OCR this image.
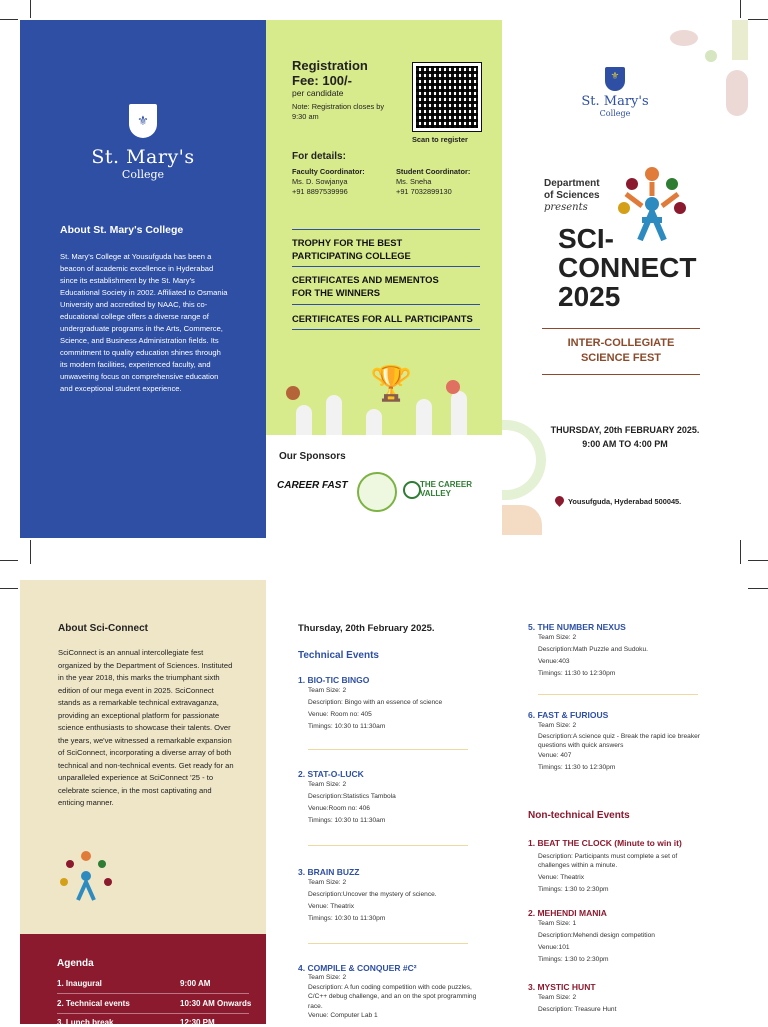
⚜
St. Mary's
College
About St. Mary's College

St. Mary's College at Yousufguda has been a beacon of academic excellence in Hyderabad since its establishment by the St. Mary's Educational Society in 2002. Affiliated to Osmania University and accredited by NAAC, this co-educational college offers a diverse range of undergraduate programs in the Arts, Commerce, Science, and Business Administration fields. Its commitment to quality education shines through its modern facilities, experienced faculty, and unwavering focus on comprehensive education and exceptional student experience.

Registration
Fee: 100/-
per candidate
Note: Registration closes by 9:30 am
Scan to register
For details:
Faculty Coordinator:
Ms. D. Sowjanya
+91 8897539996
Student Coordinator:
Ms. Sneha
+91 7032899130
TROPHY FOR THE BEST PARTICIPATING COLLEGE
CERTIFICATES AND MEMENTOS FOR THE WINNERS
CERTIFICATES FOR ALL PARTICIPANTS
🏆
Our Sponsors
CAREER FAST	THE CAREER VALLEY
⚜
St. Mary's
College
Department
of Sciences
presents
SCI-
CONNECT
2025
INTER-COLLEGIATE
SCIENCE FEST
THURSDAY, 20th FEBRUARY 2025.
9:00 AM TO 4:00 PM
Yousufguda, Hyderabad 500045.
About Sci-Connect

SciConnect is an annual intercollegiate fest organized by the Department of Sciences. Instituted in the year 2018, this marks the triumphant sixth edition of our mega event in 2025. SciConnect stands as a remarkable technical extravaganza, providing an exceptional platform for passionate science enthusiasts to showcase their talents. Over the years, we've witnessed a remarkable expansion of SciConnect, incorporating a diverse array of both technical and non-technical events. Get ready for an unparalleled experience at SciConnect '25 - to celebrate science, in the most captivating and enticing manner.

Agenda
1. Inaugural	9:00 AM
2. Technical events	10:30 AM Onwards
3. Lunch break	12:30 PM
Thursday, 20th February 2025.
Technical Events
1. BIO-TIC BINGO
Team Size: 2
Description: Bingo with an essence of science
Venue: Room no: 405
Timings: 10:30 to 11:30am
2. STAT-O-LUCK
Team Size: 2
Description:Statistics Tambola
Venue:Room no: 406
Timings: 10:30 to 11:30am
3. BRAIN BUZZ
Team Size: 2
Description:Uncover the mystery of science.
Venue: Theatrix
Timings: 10:30 to 11:30pm
4. COMPILE & CONQUER #C²
Team Size: 2
Description: A fun coding competition with code puzzles, C/C++ debug challenge, and an on the spot programming race.
Venue: Computer Lab 1
5. THE NUMBER NEXUS
Team Size: 2
Description:Math Puzzle and Sudoku.
Venue:403
Timings: 11:30 to 12:30pm
6. FAST & FURIOUS
Team Size: 2
Description:A science quiz - Break the rapid ice breaker questions with quick answers
Venue: 407
Timings: 11:30 to 12:30pm
Non-technical Events
1. BEAT THE CLOCK (Minute to win it)
Description: Participants must complete a set of challenges within a minute.
Venue: Theatrix
Timings: 1:30 to 2:30pm
2. MEHENDI MANIA
Team Size: 1
Description:Mehendi design competition
Venue:101
Timings: 1:30 to 2:30pm
3. MYSTIC HUNT
Team Size: 2
Description: Treasure Hunt
